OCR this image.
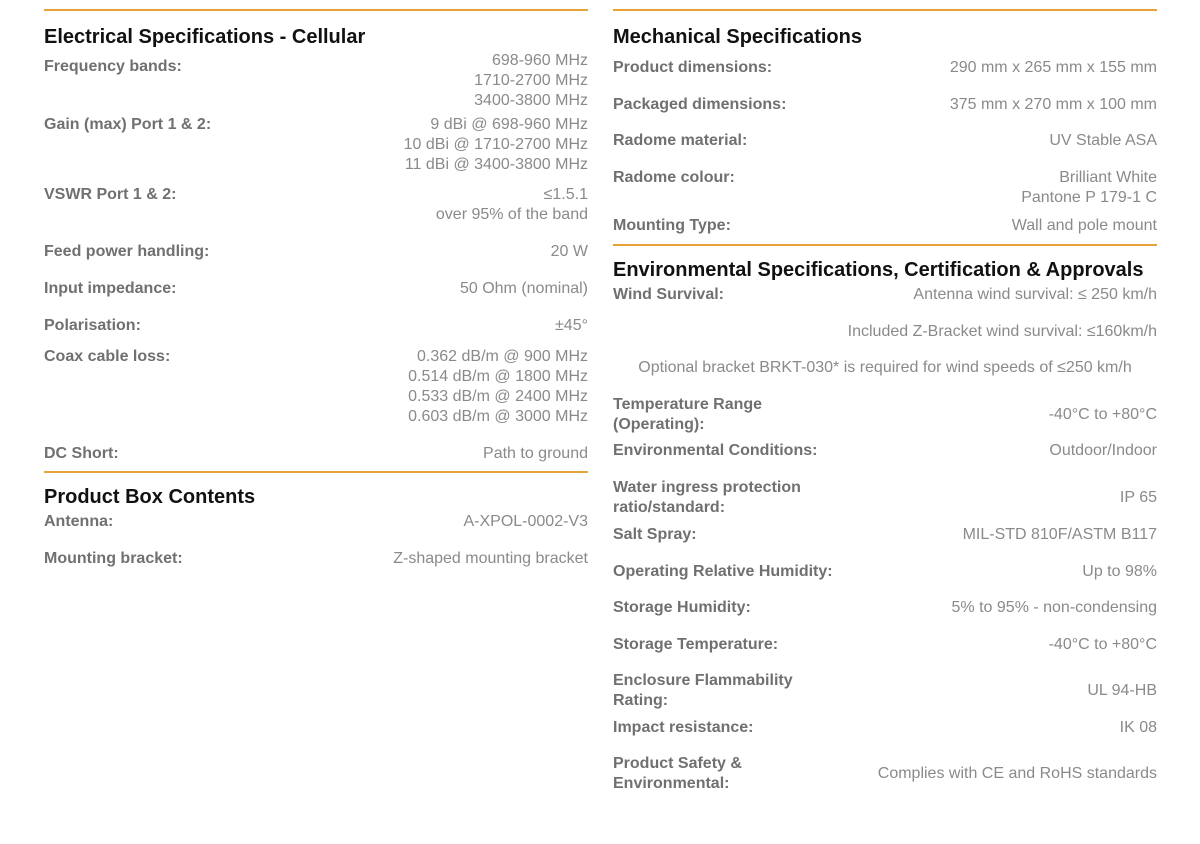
Electrical Specifications - Cellular
Frequency bands:	698-960 MHz
1710-2700 MHz
3400-3800 MHz
Gain (max) Port 1 & 2:	9 dBi @ 698-960 MHz
10 dBi @ 1710-2700 MHz
11 dBi @ 3400-3800 MHz
VSWR Port 1 & 2:	≤1.5.1
over 95% of the band
Feed power handling:	20 W
Input impedance:	50 Ohm (nominal)
Polarisation:	±45°
Coax cable loss:	0.362 dB/m @ 900 MHz
0.514 dB/m @ 1800 MHz
0.533 dB/m @ 2400 MHz
0.603 dB/m @ 3000 MHz
DC Short:	Path to ground
Product Box Contents
Antenna:	A-XPOL-0002-V3
Mounting bracket:	Z-shaped mounting bracket
Mechanical Specifications
Product dimensions:	290 mm x 265 mm x 155 mm
Packaged dimensions:	375 mm x 270 mm x 100 mm
Radome material:	UV Stable ASA
Radome colour:	Brilliant White
Pantone P 179-1 C
Mounting Type:	Wall and pole mount
Environmental Specifications, Certification & Approvals
Wind Survival:	Antenna wind survival: ≤ 250 km/h
Included Z-Bracket wind survival: ≤160km/h
Optional bracket BRKT-030* is required for wind speeds of ≤250 km/h
Temperature Range (Operating):
-40°C to +80°C
Environmental Conditions:	Outdoor/Indoor
Water ingress protection ratio/standard:
IP 65
Salt Spray:	MIL-STD 810F/ASTM B117
Operating Relative Humidity:	Up to 98%
Storage Humidity:	5% to 95% - non-condensing
Storage Temperature:	-40°C to +80°C
Enclosure Flammability Rating:
UL 94-HB
Impact resistance:	IK 08
Product Safety & Environmental:
Complies with CE and RoHS standards
